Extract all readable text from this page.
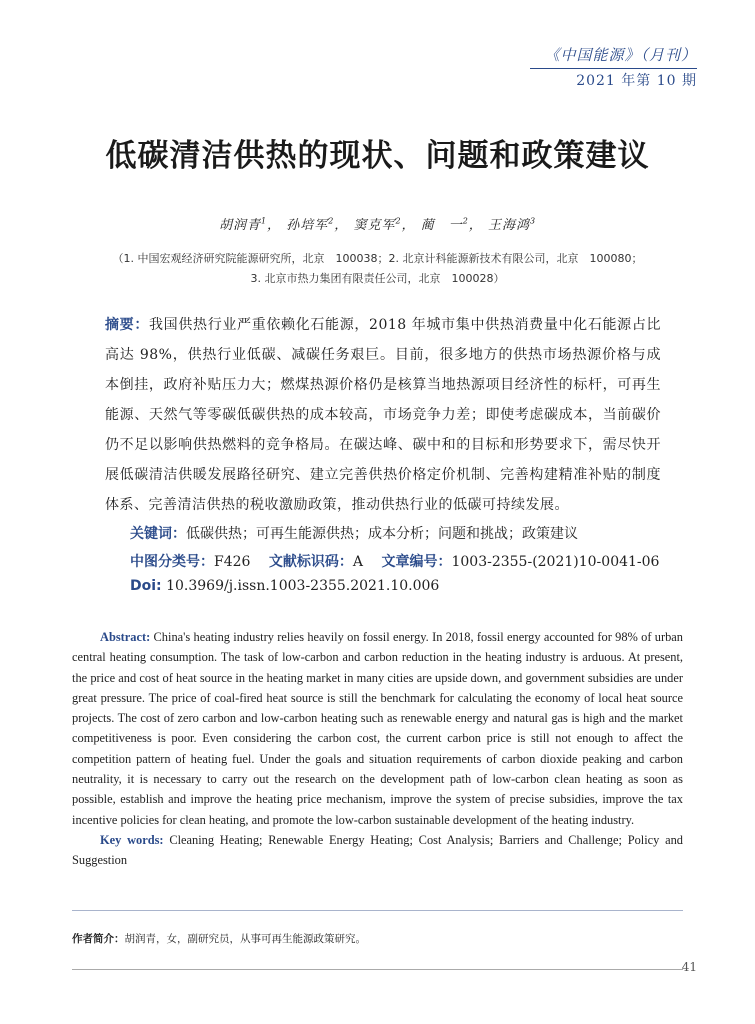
《中国能源》（月刊）
2021 年第 10 期
低碳清洁供热的现状、问题和政策建议
胡润青$^1$， 孙培军$^2$， 窦克军$^2$， 蔺　一$^2$， 王海鸿$^3$
（1. 中国宏观经济研究院能源研究所，北京　100038；2. 北京计科能源新技术有限公司，北京　100080；
3. 北京市热力集团有限责任公司，北京　100028）
摘要：我国供热行业严重依赖化石能源，2018 年城市集中供热消费量中化石能源占比高达 98%，供热行业低碳、减碳任务艰巨。目前，很多地方的供热市场热源价格与成本倒挂，政府补贴压力大；燃煤热源价格仍是核算当地热源项目经济性的标杆，可再生能源、天然气等零碳低碳供热的成本较高，市场竞争力差；即使考虑碳成本，当前碳价仍不足以影响供热燃料的竞争格局。在碳达峰、碳中和的目标和形势要求下，需尽快开展低碳清洁供暖发展路径研究、建立完善供热价格定价机制、完善构建精准补贴的制度体系、完善清洁供热的税收激励政策，推动供热行业的低碳可持续发展。
关键词：低碳供热；可再生能源供热；成本分析；问题和挑战；政策建议
中图分类号：F426 文献标识码：A 文章编号：1003-2355-(2021)10-0041-06
Doi: 10.3969/j.issn.1003-2355.2021.10.006

Abstract: China's heating industry relies heavily on fossil energy. In 2018, fossil energy accounted for 98% of urban central heating consumption. The task of low-carbon and carbon reduction in the heating industry is arduous. At present, the price and cost of heat source in the heating market in many cities are upside down, and government subsidies are under great pressure. The price of coal-fired heat source is still the benchmark for calculating the economy of local heat source projects. The cost of zero carbon and low-carbon heating such as renewable energy and natural gas is high and the market competitiveness is poor. Even considering the carbon cost, the current carbon price is still not enough to affect the competition pattern of heating fuel. Under the goals and situation requirements of carbon dioxide peaking and carbon neutrality, it is necessary to carry out the research on the development path of low-carbon clean heating as soon as possible, establish and improve the heating price mechanism, improve the system of precise subsidies, improve the tax incentive policies for clean heating, and promote the low-carbon sustainable development of the heating industry.

Key words: Cleaning Heating; Renewable Energy Heating; Cost Analysis; Barriers and Challenge; Policy and Suggestion

作者简介：胡润青，女，副研究员，从事可再生能源政策研究。
41
